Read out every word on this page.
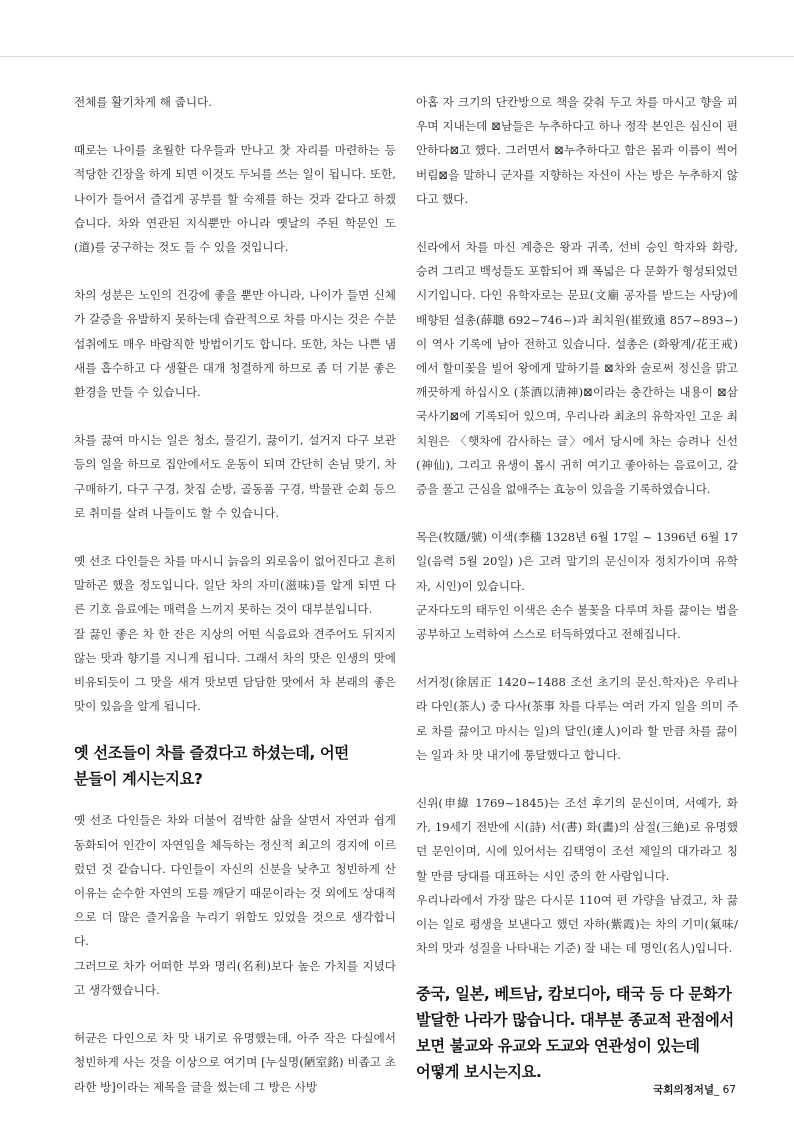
전체를 활기차게 해 줍니다.

때로는 나이를 초월한 다우들과 만나고 찻 자리를 마련하는 등 적당한 긴장을 하게 되면 이것도 두뇌를 쓰는 일이 됩니다. 또한, 나이가 들어서 즐겁게 공부를 할 숙제를 하는 것과 같다고 하겠습니다. 차와 연관된 지식뿐만 아니라 옛날의 주된 학문인 도(道)를 궁구하는 것도 들 수 있을 것입니다.

차의 성분은 노인의 건강에 좋을 뿐만 아니라, 나이가 들면 신체가 갈증을 유발하지 못하는데 습관적으로 차를 마시는 것은 수분 섭취에도 매우 바람직한 방법이기도 합니다. 또한, 차는 나쁜 냄새를 흡수하고 다 생활은 대개 청결하게 하므로 좀 더 기분 좋은 환경을 만들 수 있습니다.

차를 끓여 마시는 일은 청소, 물긷기, 끓이기, 설거지 다구 보관 등의 일을 하므로 집안에서도 운동이 되며 간단히 손님 맞기, 차 구매하기, 다구 구경, 찻집 순방, 골동품 구경, 박물관 순회 등으로 취미를 살려 나들이도 할 수 있습니다.

옛 선조 다인들은 차를 마시니 늙음의 외로움이 없어진다고 흔히 말하곤 했을 정도입니다. 일단 차의 자미(滋味)를 알게 되면 다른 기호 음료에는 매력을 느끼지 못하는 것이 대부분입니다.

잘 끓인 좋은 차 한 잔은 지상의 어떤 식음료와 견주어도 뒤지지 않는 맛과 향기를 지니게 됩니다. 그래서 차의 맛은 인생의 맛에 비유되듯이 그 맛을 새겨 맛보면 담담한 맛에서 차 본래의 좋은 맛이 있음을 알게 됩니다.

옛 선조들이 차를 즐겼다고 하셨는데, 어떤 분들이 계시는지요?

옛 선조 다인들은 차와 더불어 검박한 삶을 살면서 자연과 쉽게 동화되어 인간이 자연임을 체득하는 정신적 최고의 경지에 이르렀던 것 같습니다. 다인들이 자신의 신분을 낮추고 청빈하게 산 이유는 순수한 자연의 도를 깨닫기 때문이라는 것 외에도 상대적으로 더 많은 즐거움을 누리기 위함도 있었을 것으로 생각합니다.

그러므로 차가 어떠한 부와 명리(名利)보다 높은 가치를 지녔다고 생각했습니다.

허균은 다인으로 차 맛 내기로 유명했는데, 아주 작은 다실에서 청빈하게 사는 것을 이상으로 여기며 [누실명(陋室銘) 비좁고 초라한 방]이라는 제목을 글을 썼는데 그 방은 사방

아홉 자 크기의 단칸방으로 책을 갖춰 두고 차를 마시고 향을 피우며 지내는데 ⊠남들은 누추하다고 하나 정작 본인은 심신이 편안하다⊠고 했다. 그러면서 ⊠누추하다고 함은 몸과 이름이 썩어 버림⊠을 말하니 군자를 지향하는 자신이 사는 방은 누추하지 않다고 했다.

신라에서 차를 마신 계층은 왕과 귀족, 선비 승인 학자와 화랑, 승려 그리고 백성들도 포함되어 꽤 폭넓은 다 문화가 형성되었던 시기입니다. 다인 유학자로는 문묘(文廟 공자를 받드는 사당)에 배향된 설총(薛聰 692~746~)과 최치원(崔致遠 857~893~)이 역사 기록에 남아 전하고 있습니다. 설총은 (화왕계/花王戒)에서 할미꽃을 빌어 왕에게 말하기를 ⊠차와 술로써 정신을 맑고 깨끗하게 하십시오 (茶酒以淸神)⊠이라는 충간하는 내용이 ⊠삼국사기⊠에 기록되어 있으며, 우리나라 최초의 유학자인 고운 최치원은 〈햇차에 감사하는 글〉에서 당시에 차는 승려나 신선(神仙), 그리고 유생이 몹시 귀히 여기고 좋아하는 음료이고, 갈증을 풀고 근심을 없애주는 효능이 있음을 기록하였습니다.

목은(牧隱/號) 이색(李穡 1328년 6월 17일 ~ 1396년 6월 17일(음력 5월 20일) )은 고려 말기의 문신이자 정치가이며 유학자, 시인)이 있습니다.

군자다도의 태두인 이색은 손수 불꽃을 다루며 차를 끓이는 법을 공부하고 노력하여 스스로 터득하였다고 전해집니다.

서거정(徐居正 1420~1488 조선 초기의 문신.학자)은 우리나라 다인(茶人) 중 다사(茶事 차를 다루는 여러 가지 일을 의미 주로 차를 끓이고 마시는 일)의 달인(達人)이라 할 만큼 차를 끓이는 일과 차 맛 내기에 통달했다고 합니다.

신위(申緯 1769~1845)는 조선 후기의 문신이며, 서예가, 화가, 19세기 전반에 시(詩) 서(書) 화(畵)의 삼절(三絶)로 유명했던 문인이며, 시에 있어서는 김택영이 조선 제일의 대가라고 칭할 만큼 당대를 대표하는 시인 중의 한 사람입니다.

우리나라에서 가장 많은 다시문 110여 편 가량을 남겼고, 차 끓이는 일로 평생을 보낸다고 했던 자하(紫霞)는 차의 기미(氣味/ 차의 맛과 성질을 나타내는 기준) 잘 내는 데 명인(名人)입니다.

중국, 일본, 베트남, 캄보디아, 태국 등 다 문화가 발달한 나라가 많습니다. 대부분 종교적 관점에서 보면 불교와 유교와 도교와 연관성이 있는데 어떻게 보시는지요.
국회의정저널_ 67
